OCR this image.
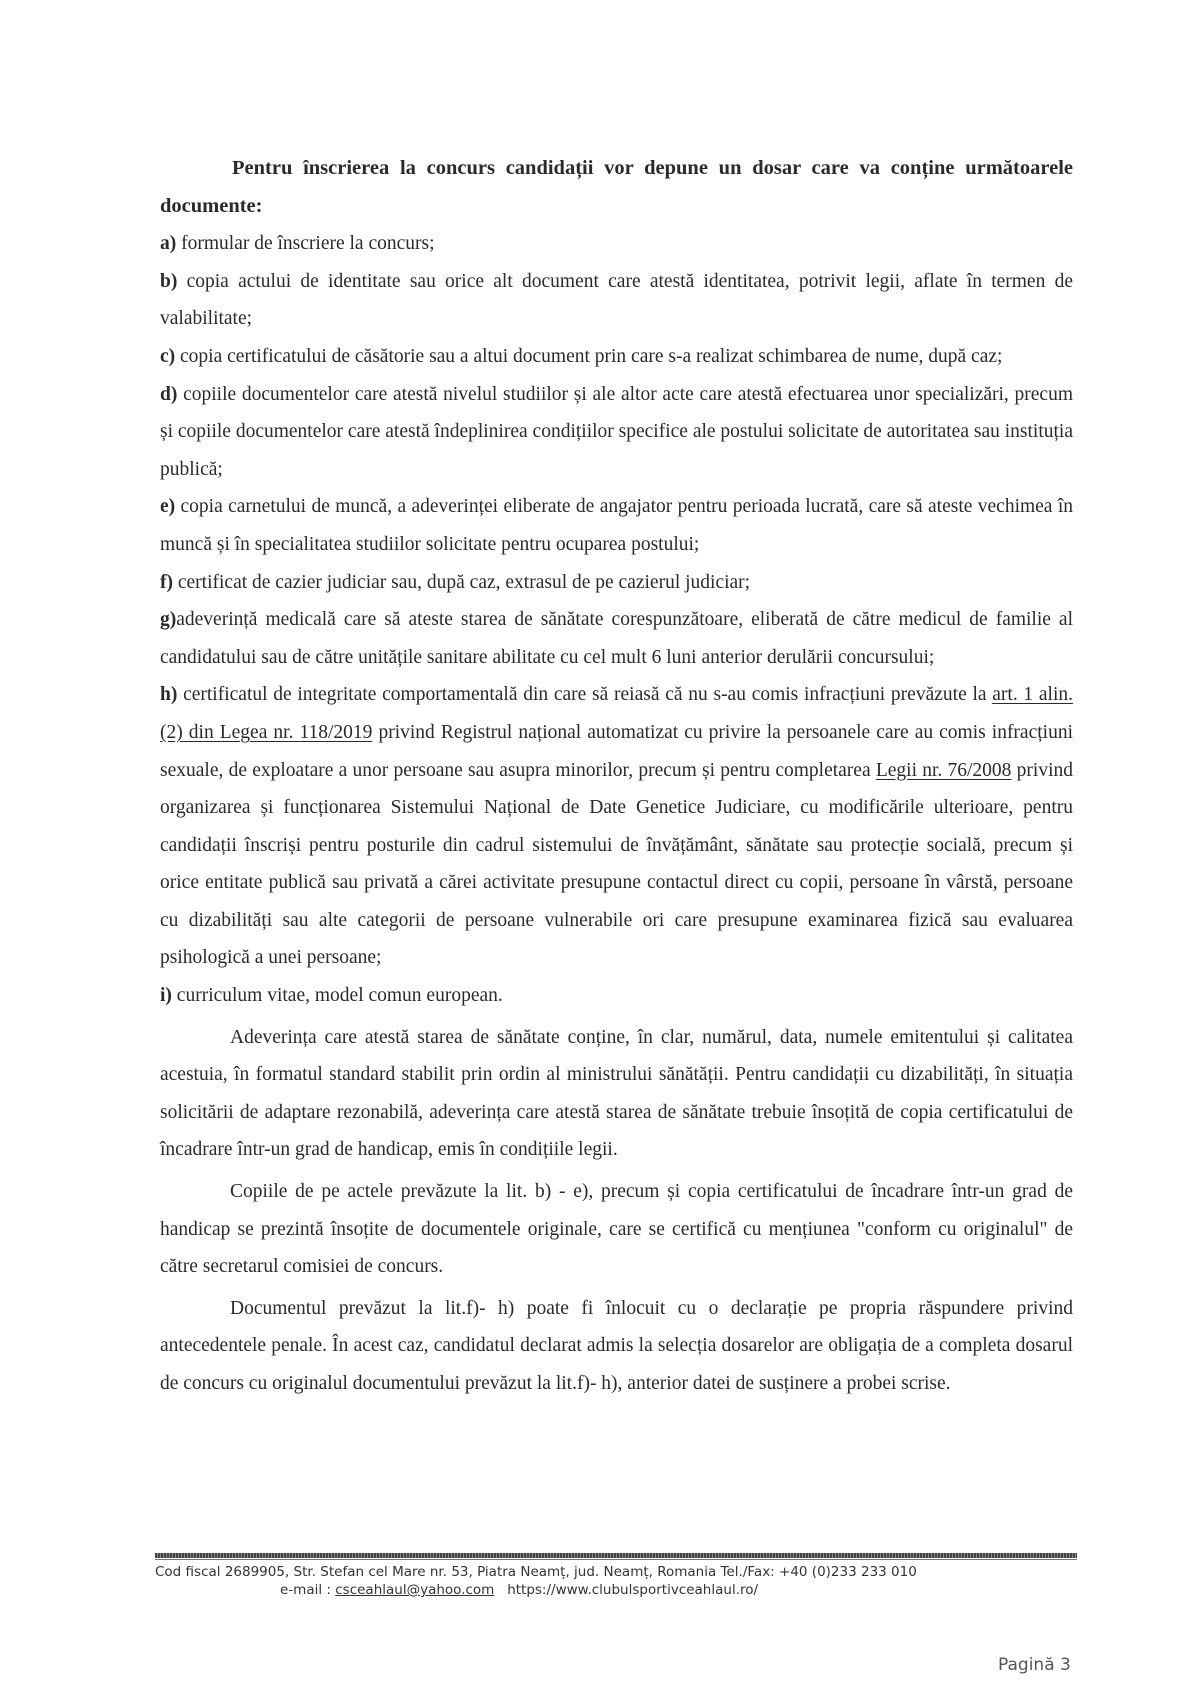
Pentru înscrierea la concurs candidații vor depune un dosar care va conține următoarele documente:

a) formular de înscriere la concurs;

b) copia actului de identitate sau orice alt document care atestă identitatea, potrivit legii, aflate în termen de valabilitate;

c) copia certificatului de căsătorie sau a altui document prin care s-a realizat schimbarea de nume, după caz;

d) copiile documentelor care atestă nivelul studiilor și ale altor acte care atestă efectuarea unor specializări, precum și copiile documentelor care atestă îndeplinirea condițiilor specifice ale postului solicitate de autoritatea sau instituția publică;

e) copia carnetului de muncă, a adeverinței eliberate de angajator pentru perioada lucrată, care să ateste vechimea în muncă și în specialitatea studiilor solicitate pentru ocuparea postului;

f) certificat de cazier judiciar sau, după caz, extrasul de pe cazierul judiciar;

g)adeverință medicală care să ateste starea de sănătate corespunzătoare, eliberată de către medicul de familie al candidatului sau de către unitățile sanitare abilitate cu cel mult 6 luni anterior derulării concursului;

h) certificatul de integritate comportamentală din care să reiasă că nu s-au comis infracțiuni prevăzute la art. 1 alin. (2) din Legea nr. 118/2019 privind Registrul național automatizat cu privire la persoanele care au comis infracțiuni sexuale, de exploatare a unor persoane sau asupra minorilor, precum și pentru completarea Legii nr. 76/2008 privind organizarea și funcționarea Sistemului Național de Date Genetice Judiciare, cu modificările ulterioare, pentru candidații înscriși pentru posturile din cadrul sistemului de învățământ, sănătate sau protecție socială, precum și orice entitate publică sau privată a cărei activitate presupune contactul direct cu copii, persoane în vârstă, persoane cu dizabilități sau alte categorii de persoane vulnerabile ori care presupune examinarea fizică sau evaluarea psihologică a unei persoane;

i) curriculum vitae, model comun european.

Adeverința care atestă starea de sănătate conține, în clar, numărul, data, numele emitentului și calitatea acestuia, în formatul standard stabilit prin ordin al ministrului sănătății. Pentru candidații cu dizabilități, în situația solicitării de adaptare rezonabilă, adeverința care atestă starea de sănătate trebuie însoțită de copia certificatului de încadrare într-un grad de handicap, emis în condițiile legii.

Copiile de pe actele prevăzute la lit. b) - e), precum și copia certificatului de încadrare într-un grad de handicap se prezintă însoțite de documentele originale, care se certifică cu mențiunea "conform cu originalul" de către secretarul comisiei de concurs.

Documentul prevăzut la lit.f)- h) poate fi înlocuit cu o declarație pe propria răspundere privind antecedentele penale. În acest caz, candidatul declarat admis la selecția dosarelor are obligația de a completa dosarul de concurs cu originalul documentului prevăzut la lit.f)- h), anterior datei de susținere a probei scrise.

Cod fiscal 2689905, Str. Stefan cel Mare nr. 53, Piatra Neamț, jud. Neamț, Romania Tel./Fax: +40 (0)233 233 010
e-mail : csceahlaul@yahoo.com https://www.clubulsportivceahlaul.ro/
Pagină 3
